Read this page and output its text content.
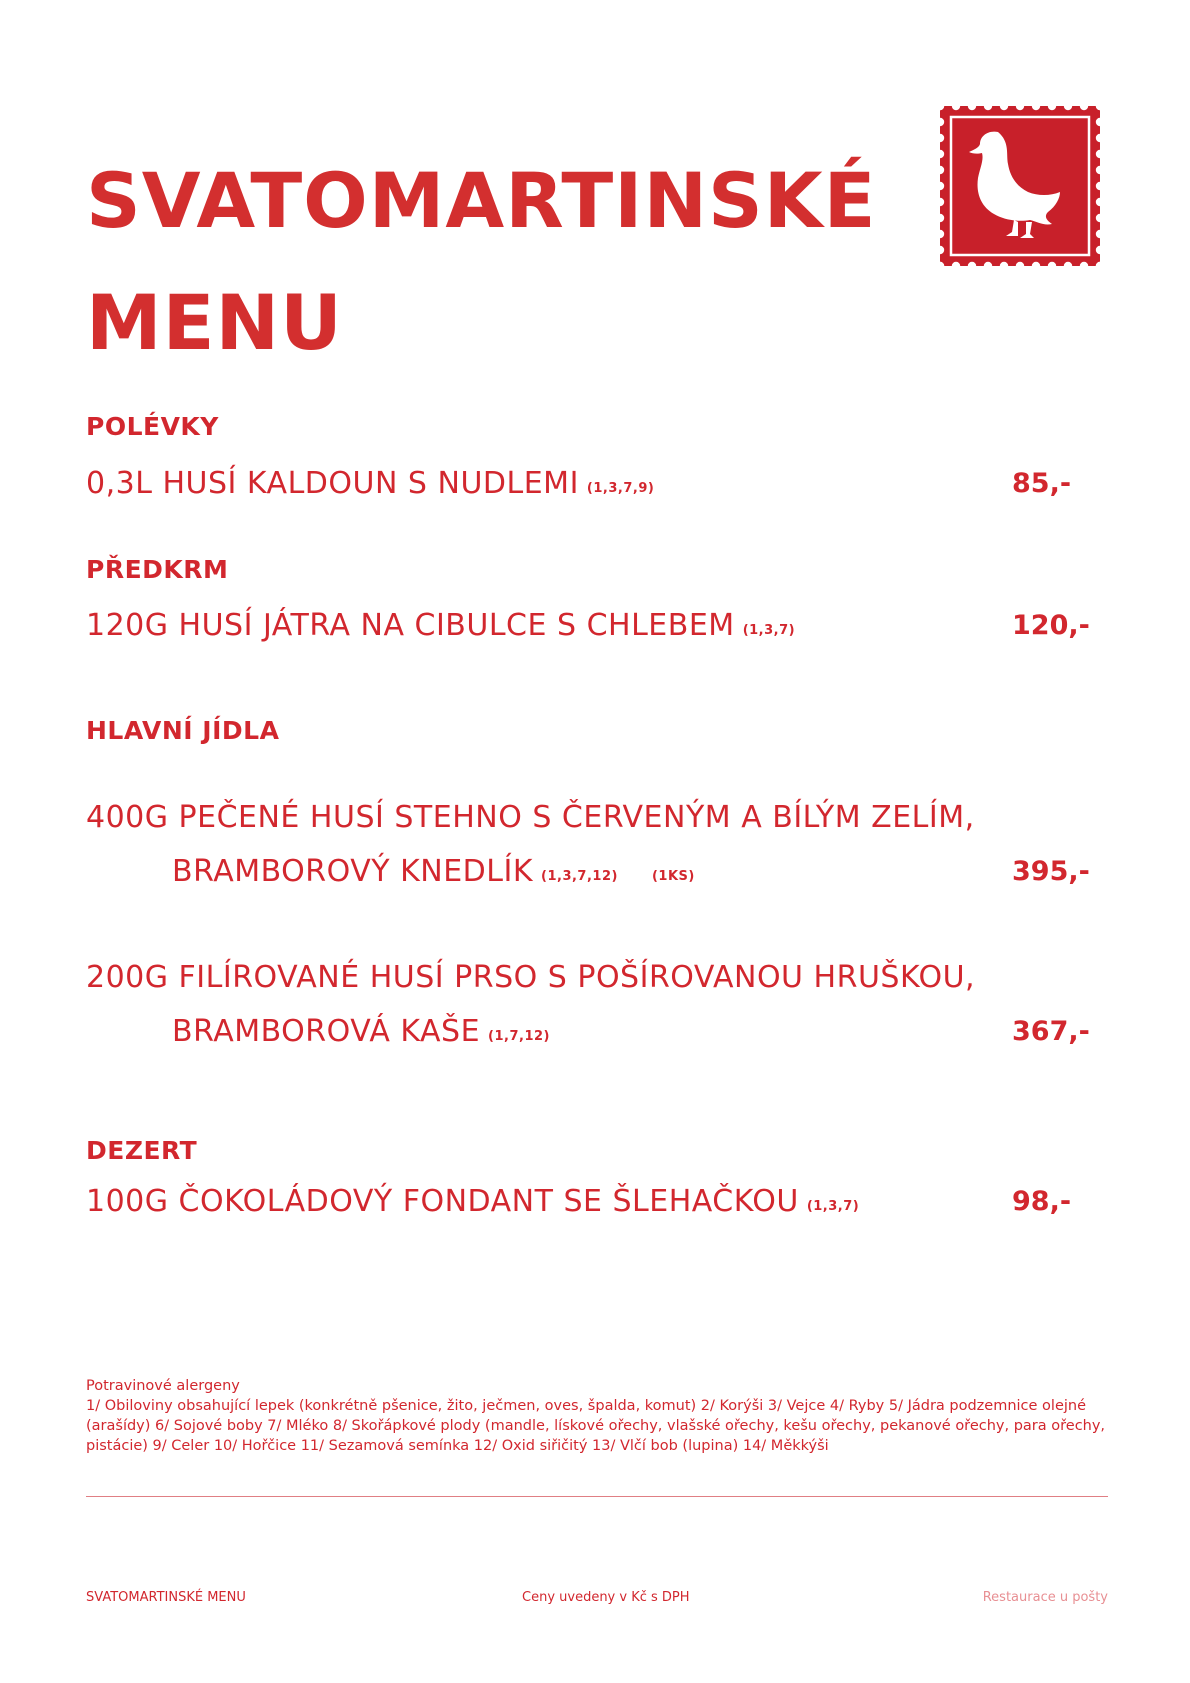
SVATOMARTINSKÉ
MENU
POLÉVKY
0,3L HUSÍ KALDOUN S NUDLEMI (1,3,7,9)	85,-
PŘEDKRM
120G HUSÍ JÁTRA NA CIBULCE S CHLEBEM (1,3,7)	120,-
HLAVNÍ JÍDLA
400G PEČENÉ HUSÍ STEHNO S ČERVENÝM A BÍLÝM ZELÍM,
BRAMBOROVÝ KNEDLÍK (1,3,7,12)	(1KS)	395,-
200G FILÍROVANÉ HUSÍ PRSO S POŠÍROVANOU HRUŠKOU,
BRAMBOROVÁ KAŠE (1,7,12)	367,-
DEZERT
100G ČOKOLÁDOVÝ FONDANT SE ŠLEHAČKOU (1,3,7)	98,-
Potravinové alergeny
1/ Obiloviny obsahující lepek (konkrétně pšenice, žito, ječmen, oves, špalda, komut) 2/ Korýši 3/ Vejce 4/ Ryby 5/ Jádra podzemnice olejné (arašídy) 6/ Sojové boby 7/ Mléko 8/ Skořápkové plody (mandle, lískové ořechy, vlašské ořechy, kešu ořechy, pekanové ořechy, para ořechy, pistácie) 9/ Celer 10/ Hořčice 11/ Sezamová semínka 12/ Oxid siřičitý 13/ Vlčí bob (lupina) 14/ Měkkýši
SVATOMARTINSKÉ MENU	Ceny uvedeny v Kč s DPH	Restaurace u pošty
